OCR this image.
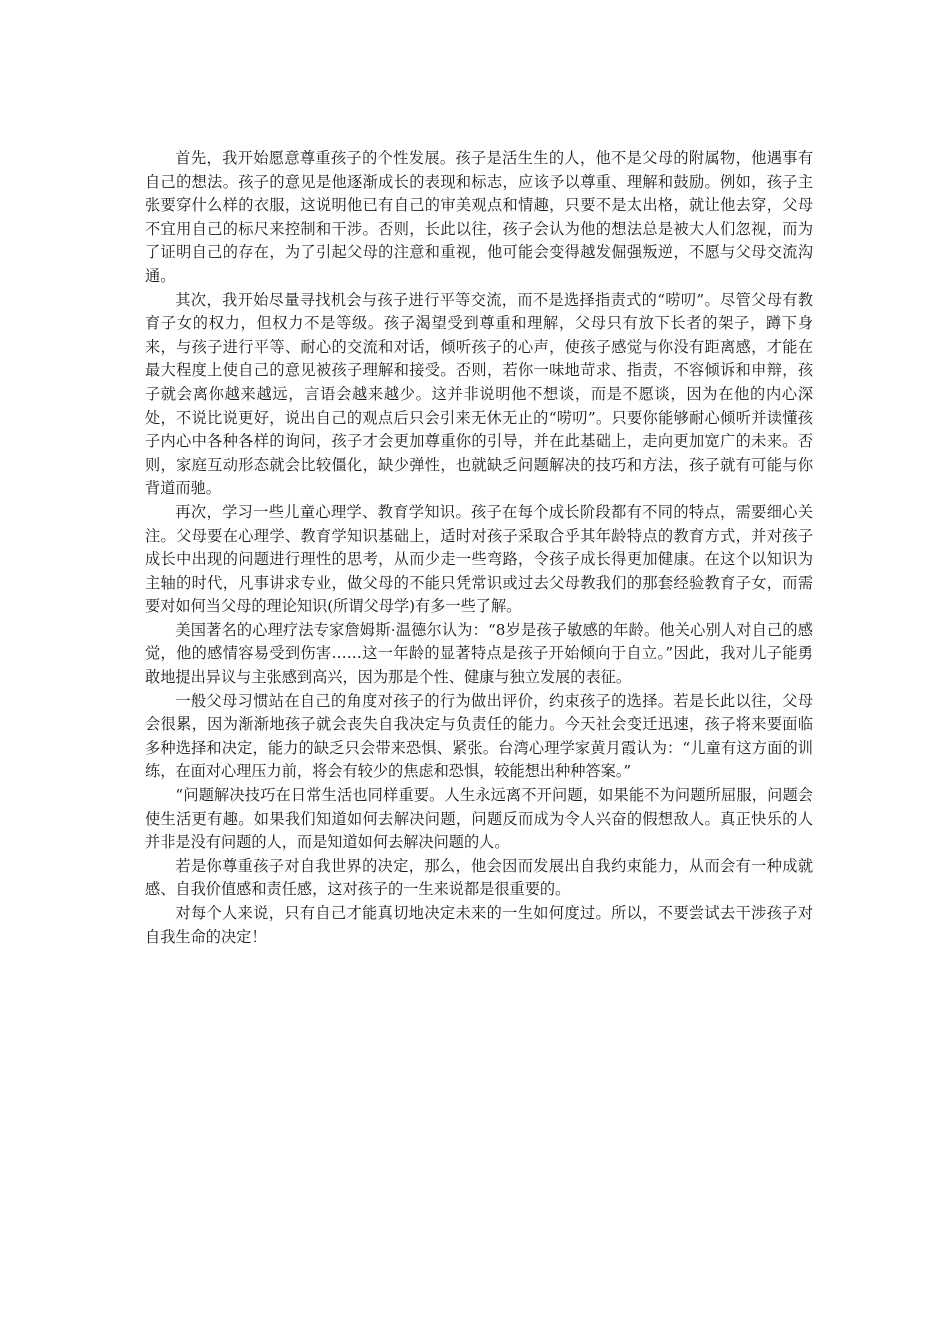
首先，我开始愿意尊重孩子的个性发展。孩子是活生生的人，他不是父母的附属物，他遇事有自己的想法。孩子的意见是他逐渐成长的表现和标志，应该予以尊重、理解和鼓励。例如，孩子主张要穿什么样的衣服，这说明他已有自己的审美观点和情趣，只要不是太出格，就让他去穿，父母不宜用自己的标尺来控制和干涉。否则，长此以往，孩子会认为他的想法总是被大人们忽视，而为了证明自己的存在，为了引起父母的注意和重视，他可能会变得越发倔强叛逆，不愿与父母交流沟通。

其次，我开始尽量寻找机会与孩子进行平等交流，而不是选择指责式的“唠叨”。尽管父母有教育子女的权力，但权力不是等级。孩子渴望受到尊重和理解，父母只有放下长者的架子，蹲下身来，与孩子进行平等、耐心的交流和对话，倾听孩子的心声，使孩子感觉与你没有距离感，才能在最大程度上使自己的意见被孩子理解和接受。否则，若你一味地苛求、指责，不容倾诉和申辩，孩子就会离你越来越远，言语会越来越少。这并非说明他不想谈，而是不愿谈，因为在他的内心深处，不说比说更好，说出自己的观点后只会引来无休无止的“唠叨”。只要你能够耐心倾听并读懂孩子内心中各种各样的询问，孩子才会更加尊重你的引导，并在此基础上，走向更加宽广的未来。否则，家庭互动形态就会比较僵化，缺少弹性，也就缺乏问题解决的技巧和方法，孩子就有可能与你背道而驰。

再次，学习一些儿童心理学、教育学知识。孩子在每个成长阶段都有不同的特点，需要细心关注。父母要在心理学、教育学知识基础上，适时对孩子采取合乎其年龄特点的教育方式，并对孩子成长中出现的问题进行理性的思考，从而少走一些弯路，令孩子成长得更加健康。在这个以知识为主轴的时代，凡事讲求专业，做父母的不能只凭常识或过去父母教我们的那套经验教育子女，而需要对如何当父母的理论知识(所谓父母学)有多一些了解。

美国著名的心理疗法专家詹姆斯·温德尔认为：“8岁是孩子敏感的年龄。他关心别人对自己的感觉，他的感情容易受到伤害……这一年龄的显著特点是孩子开始倾向于自立。”因此，我对儿子能勇敢地提出异议与主张感到高兴，因为那是个性、健康与独立发展的表征。

一般父母习惯站在自己的角度对孩子的行为做出评价，约束孩子的选择。若是长此以往，父母会很累，因为渐渐地孩子就会丧失自我决定与负责任的能力。今天社会变迁迅速，孩子将来要面临多种选择和决定，能力的缺乏只会带来恐惧、紧张。台湾心理学家黄月霞认为：“儿童有这方面的训练，在面对心理压力前，将会有较少的焦虑和恐惧，较能想出种种答案。”

“问题解决技巧在日常生活也同样重要。人生永远离不开问题，如果能不为问题所屈服，问题会使生活更有趣。如果我们知道如何去解决问题，问题反而成为令人兴奋的假想敌人。真正快乐的人并非是没有问题的人，而是知道如何去解决问题的人。

若是你尊重孩子对自我世界的决定，那么，他会因而发展出自我约束能力，从而会有一种成就感、自我价值感和责任感，这对孩子的一生来说都是很重要的。

对每个人来说，只有自己才能真切地决定未来的一生如何度过。所以，不要尝试去干涉孩子对自我生命的决定！
